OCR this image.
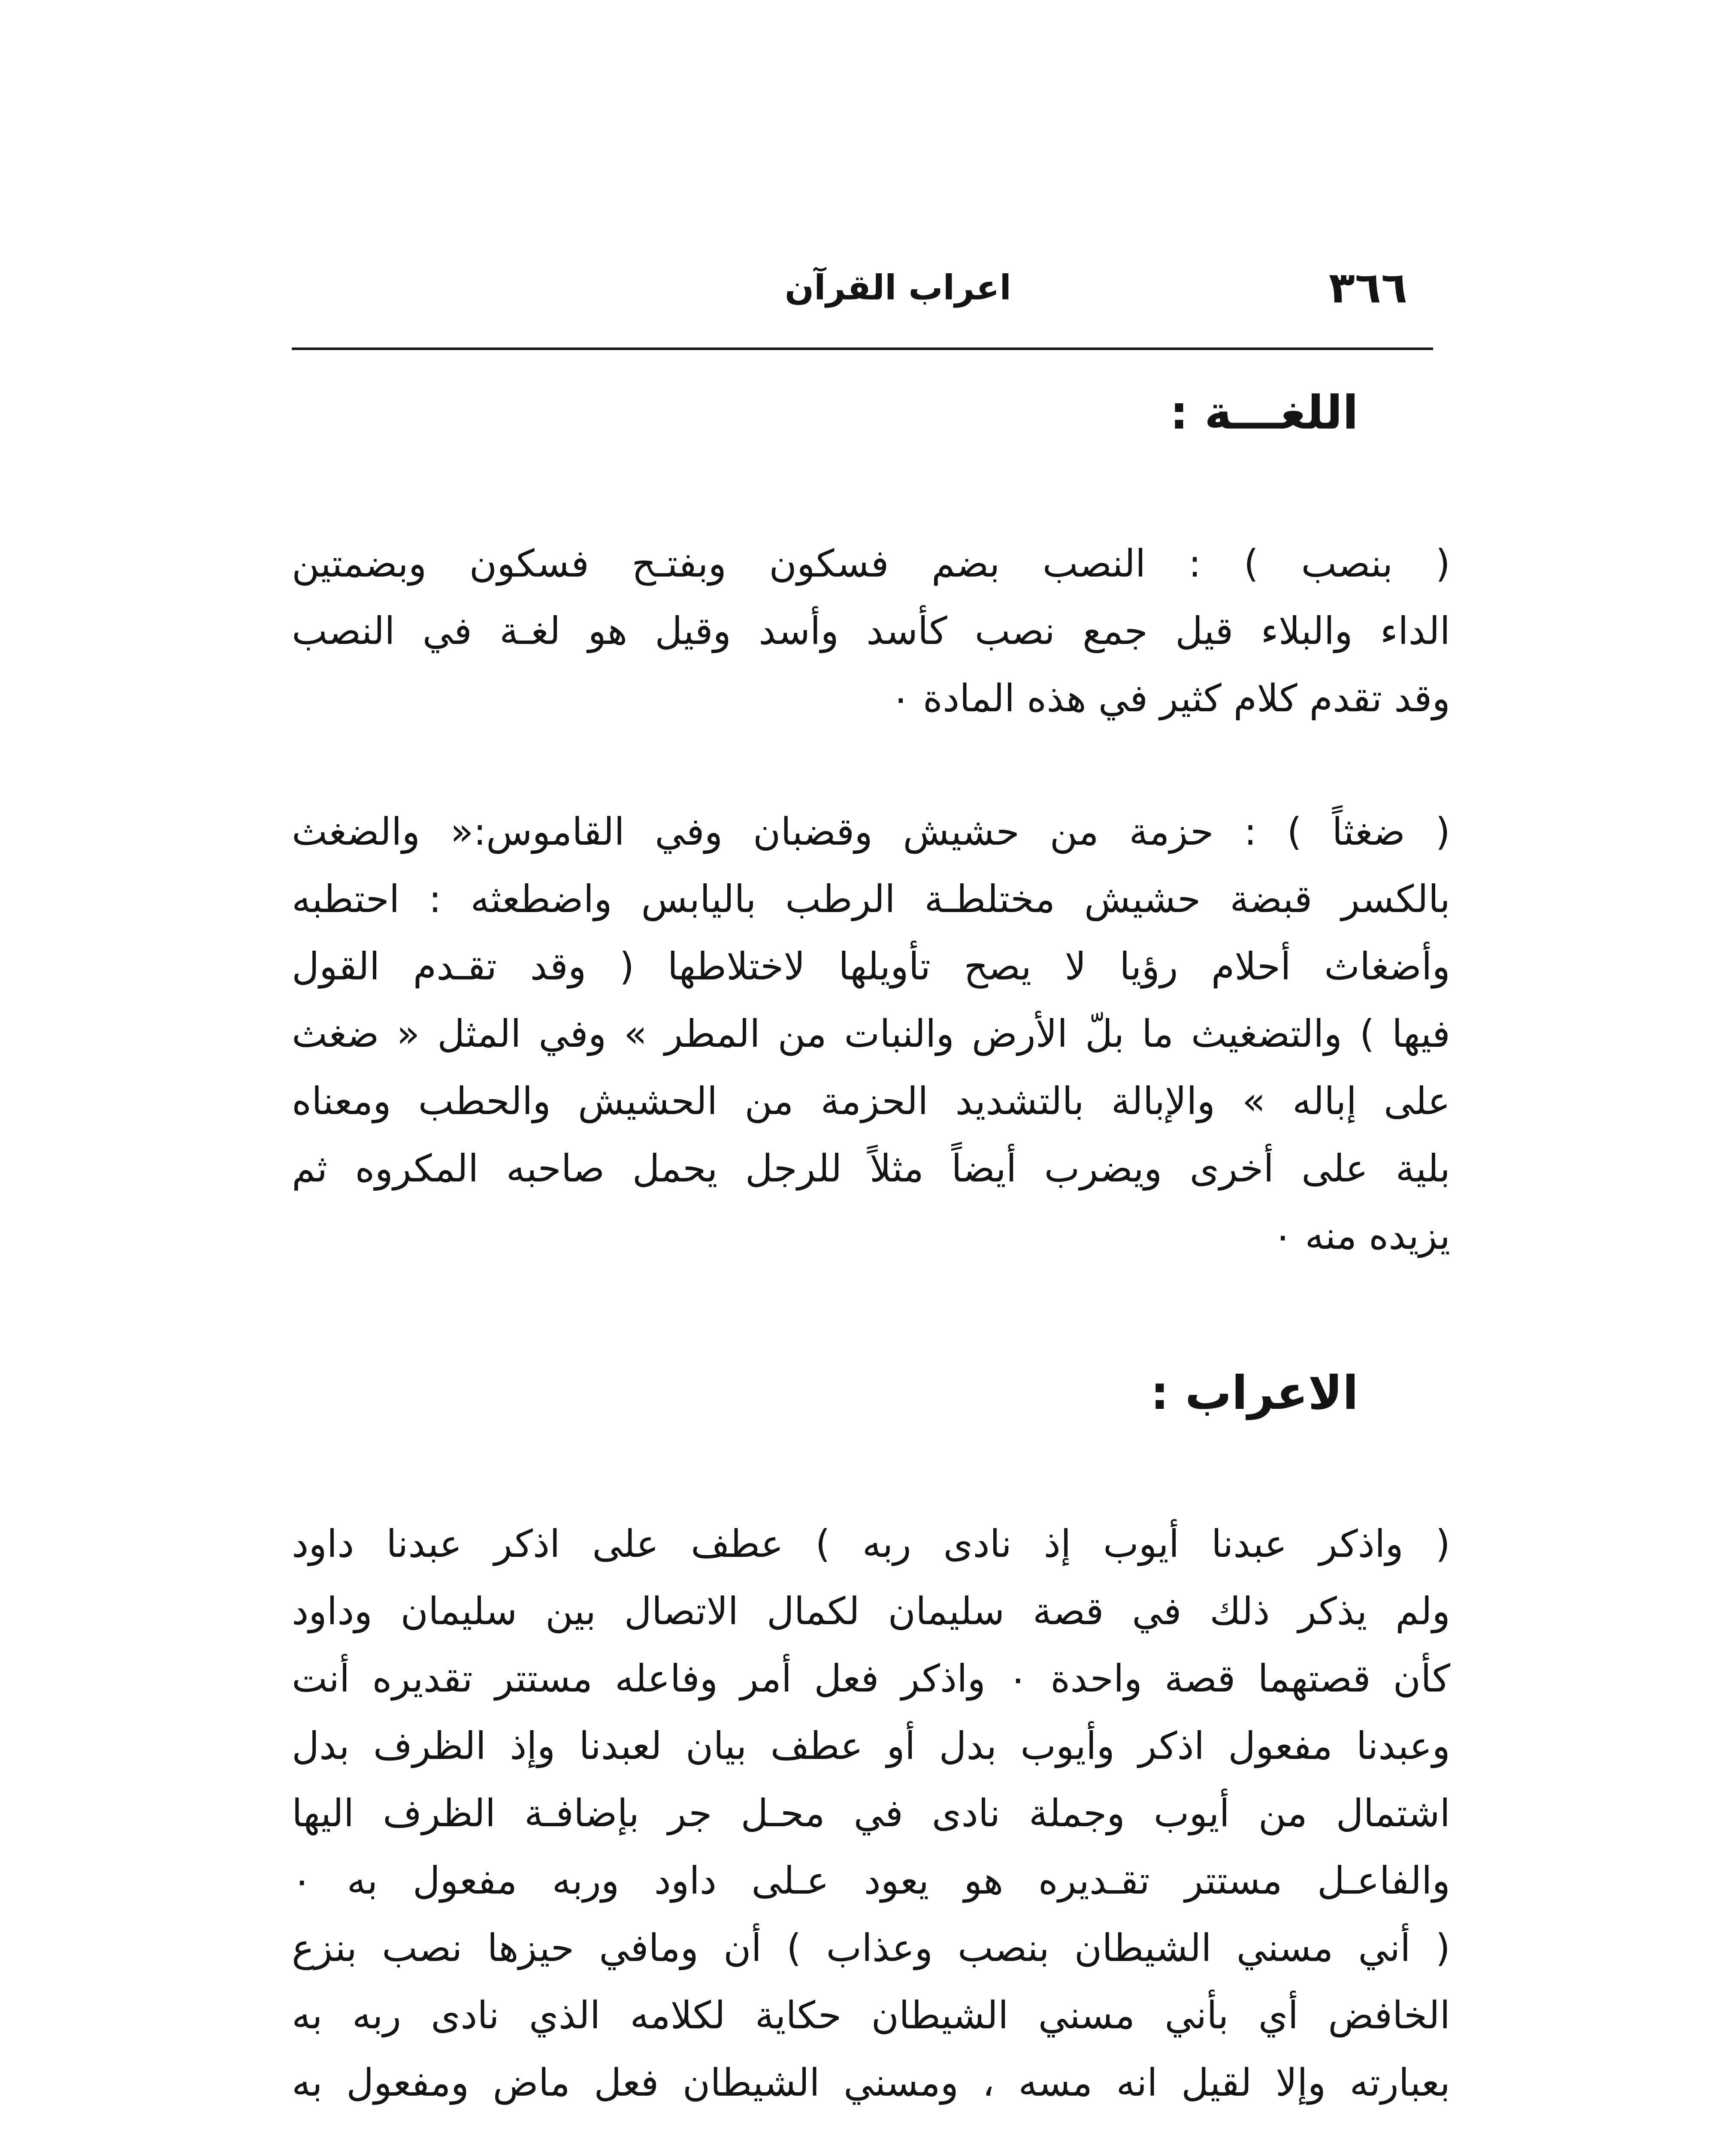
٣٦٦
اعراب القرآن
اللغـــة :
( بنصب ) : النصب بضم فسكون وبفتـح فسكون وبضمتين
الداء والبلاء قيل جمع نصب كأسد وأسد وقيل هو لغـة في النصب
وقد تقدم كلام كثير في هذه المادة ٠
( ضغثاً ) : حزمة من حشيش وقضبان وفي القاموس:« والضغث
بالكسر قبضة حشيش مختلطـة الرطب باليابس واضطعثه : احتطبه
وأضغاث أحلام رؤيا لا يصح تأويلها لاختلاطها ( وقد تقـدم القول
فيها ) والتضغيث ما بلّ الأرض والنبات من المطر » وفي المثل « ضغث
على إباله » والإبالة بالتشديد الحزمة من الحشيش والحطب ومعناه
بلية على أخرى ويضرب أيضاً مثلاً للرجل يحمل صاحبه المكروه ثم
يزيده منه ٠
الاعراب :
( واذكر عبدنا أيوب إذ نادى ربه ) عطف على اذكر عبدنا داود
ولم يذكر ذلك في قصة سليمان لكمال الاتصال بين سليمان وداود
كأن قصتهما قصة واحدة ٠ واذكر فعل أمر وفاعله مستتر تقديره أنت
وعبدنا مفعول اذكر وأيوب بدل أو عطف بيان لعبدنا وإذ الظرف بدل
اشتمال من أيوب وجملة نادى في محـل جر بإضافـة الظرف اليها
والفاعـل مستتر تقـديره هو يعود عـلى داود وربه مفعول به ٠
( أني مسني الشيطان بنصب وعذاب ) أن ومافي حيزها نصب بنزع
الخافض أي بأني مسني الشيطان حكاية لكلامه الذي نادى ربه به
بعبارته وإلا لقيل انه مسه ، ومسني الشيطان فعل ماض ومفعول به
